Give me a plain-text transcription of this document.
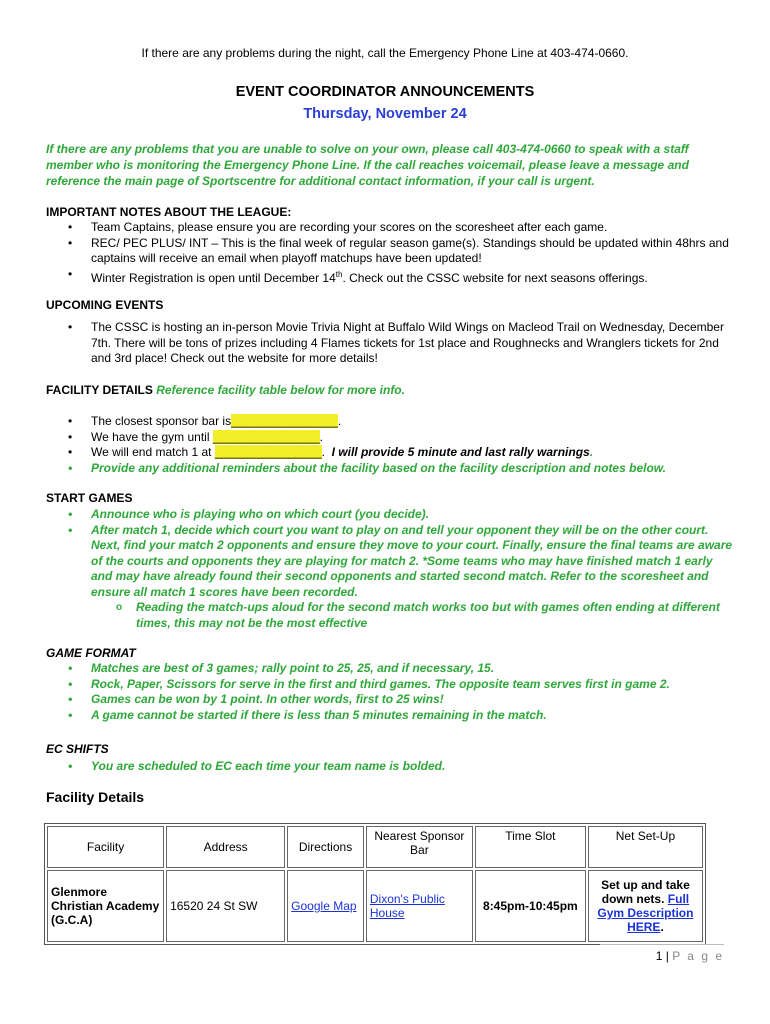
If there are any problems during the night, call the Emergency Phone Line at 403-474-0660.
EVENT COORDINATOR ANNOUNCEMENTS
Thursday, November 24
If there are any problems that you are unable to solve on your own, please call 403-474-0660 to speak with a staff member who is monitoring the Emergency Phone Line. If the call reaches voicemail, please leave a message and reference the main page of Sportscentre for additional contact information, if your call is urgent.
IMPORTANT NOTES ABOUT THE LEAGUE:
• Team Captains, please ensure you are recording your scores on the scoresheet after each game.
• REC/ PEC PLUS/ INT – This is the final week of regular season game(s). Standings should be updated within 48hrs and captains will receive an email when playoff matchups have been updated!
• Winter Registration is open until December 14th. Check out the CSSC website for next seasons offerings.
UPCOMING EVENTS
• The CSSC is hosting an in-person Movie Trivia Night at Buffalo Wild Wings on Macleod Trail on Wednesday, December 7th. There will be tons of prizes including 4 Flames tickets for 1st place and Roughnecks and Wranglers tickets for 2nd and 3rd place! Check out the website for more details!
FACILITY DETAILS Reference facility table below for more info.
• The closest sponsor bar is________________.
• We have the gym until ________________.
• We will end match 1 at ________________.  I will provide 5 minute and last rally warnings.
• Provide any additional reminders about the facility based on the facility description and notes below.
START GAMES
• Announce who is playing who on which court (you decide).
• After match 1, decide which court you want to play on and tell your opponent they will be on the other court. Next, find your match 2 opponents and ensure they move to your court. Finally, ensure the final teams are aware of the courts and opponents they are playing for match 2. *Some teams who may have finished match 1 early and may have already found their second opponents and started second match. Refer to the scoresheet and ensure all match 1 scores have been recorded.
o Reading the match-ups aloud for the second match works too but with games often ending at different times, this may not be the most effective
GAME FORMAT
• Matches are best of 3 games; rally point to 25, 25, and if necessary, 15.
• Rock, Paper, Scissors for serve in the first and third games. The opposite team serves first in game 2.
• Games can be won by 1 point. In other words, first to 25 wins!
• A game cannot be started if there is less than 5 minutes remaining in the match.
EC SHIFTS
• You are scheduled to EC each time your team name is bolded.
Facility Details
Facility	Address	Directions	Nearest Sponsor Bar	Time Slot	Net Set-Up
Glenmore Christian Academy (G.C.A)	16520 24 St SW	Google Map	Dixon's Public House	8:45pm-10:45pm	Set up and take down nets. Full Gym Description HERE.
1 | P a g e
